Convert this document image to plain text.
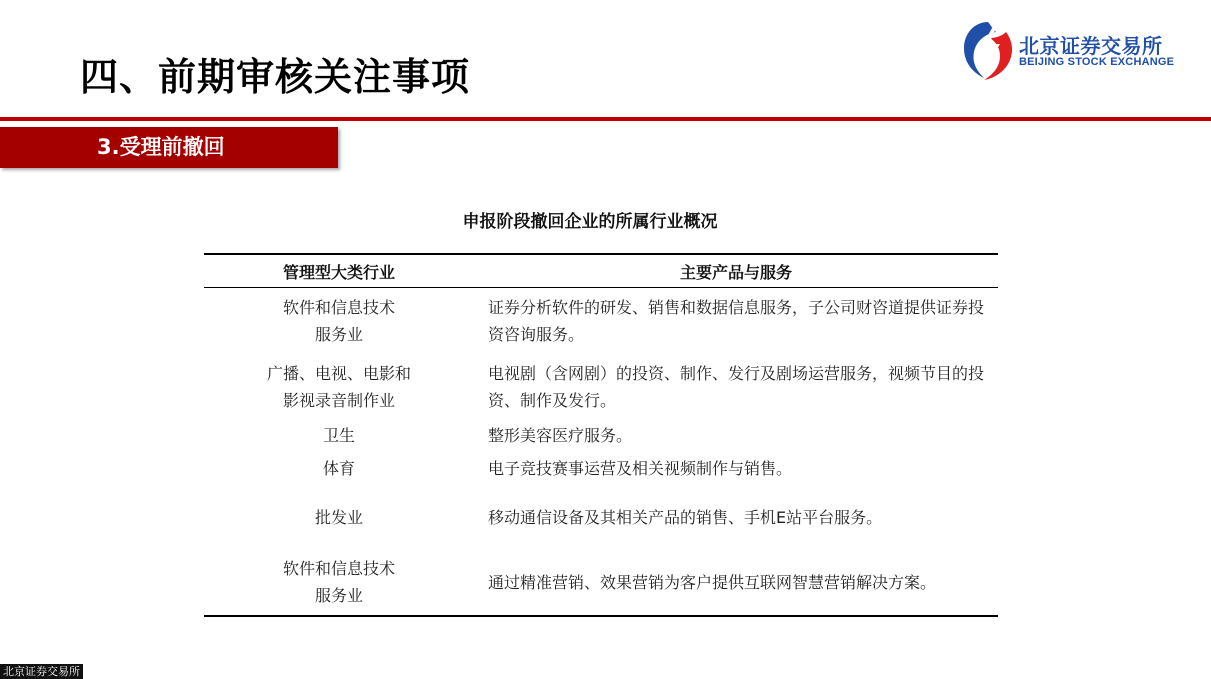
四、前期审核关注事项
北京证券交易所
BEIJING STOCK EXCHANGE
3.受理前撤回
申报阶段撤回企业的所属行业概况
管理型大类行业	主要产品与服务
软件和信息技术
服务业	证券分析软件的研发、销售和数据信息服务，子公司财咨道提供证券投资咨询服务。
广播、电视、电影和
影视录音制作业	电视剧（含网剧）的投资、制作、发行及剧场运营服务，视频节目的投资、制作及发行。
卫生	整形美容医疗服务。
体育	电子竞技赛事运营及相关视频制作与销售。
批发业	移动通信设备及其相关产品的销售、手机E站平台服务。
软件和信息技术
服务业	通过精准营销、效果营销为客户提供互联网智慧营销解决方案。
北京证券交易所
